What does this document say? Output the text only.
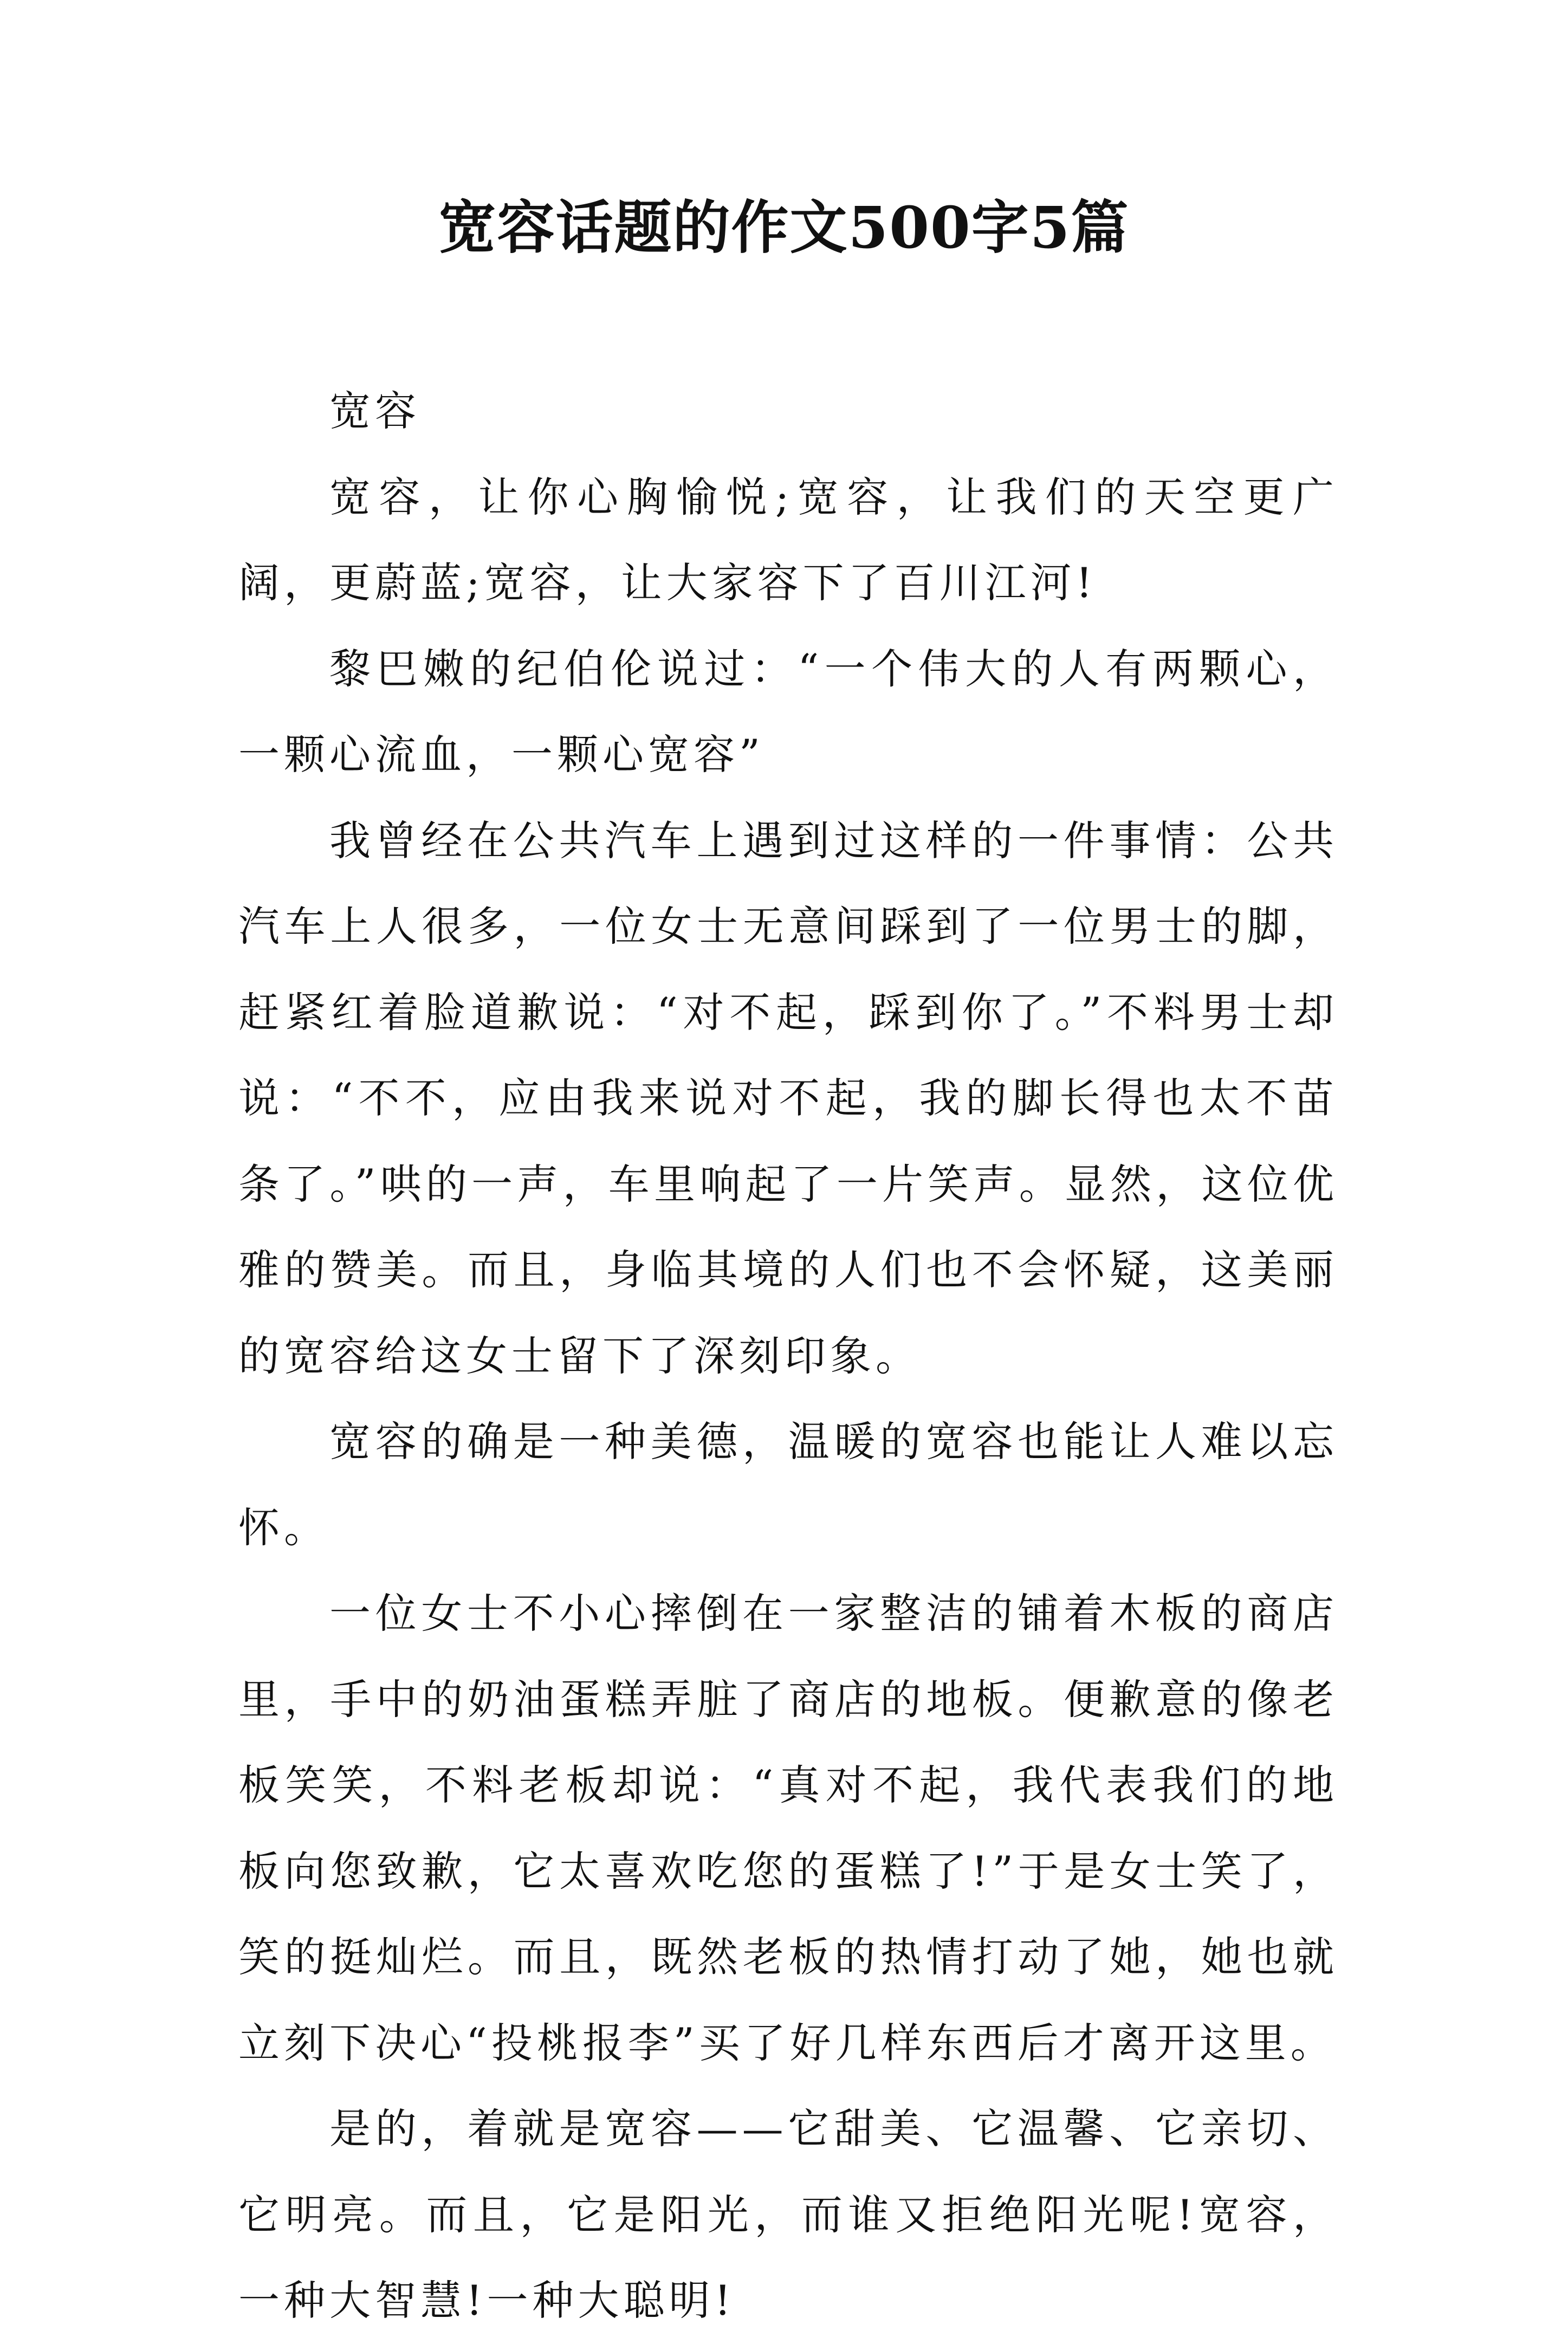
宽容话题的作文500字5篇

宽容

宽容，让你心胸愉悦;宽容，让我们的天空更广阔，更蔚蓝;宽容，让大家容下了百川江河!

黎巴嫩的纪伯伦说过：“一个伟大的人有两颗心，一颗心流血，一颗心宽容”

我曾经在公共汽车上遇到过这样的一件事情：公共汽车上人很多，一位女士无意间踩到了一位男士的脚，赶紧红着脸道歉说：“对不起，踩到你了。”不料男士却说：“不不，应由我来说对不起，我的脚长得也太不苗条了。”哄的一声，车里响起了一片笑声。显然，这位优雅的赞美。而且，身临其境的人们也不会怀疑，这美丽的宽容给这女士留下了深刻印象。

宽容的确是一种美德，温暖的宽容也能让人难以忘怀。

一位女士不小心摔倒在一家整洁的铺着木板的商店里，手中的奶油蛋糕弄脏了商店的地板。便歉意的像老板笑笑，不料老板却说：“真对不起，我代表我们的地板向您致歉，它太喜欢吃您的蛋糕了!”于是女士笑了，笑的挺灿烂。而且，既然老板的热情打动了她，她也就立刻下决心“投桃报李”买了好几样东西后才离开这里。

是的，着就是宽容——它甜美、它温馨、它亲切、它明亮。而且，它是阳光，而谁又拒绝阳光呢!宽容，一种大智慧!一种大聪明!
